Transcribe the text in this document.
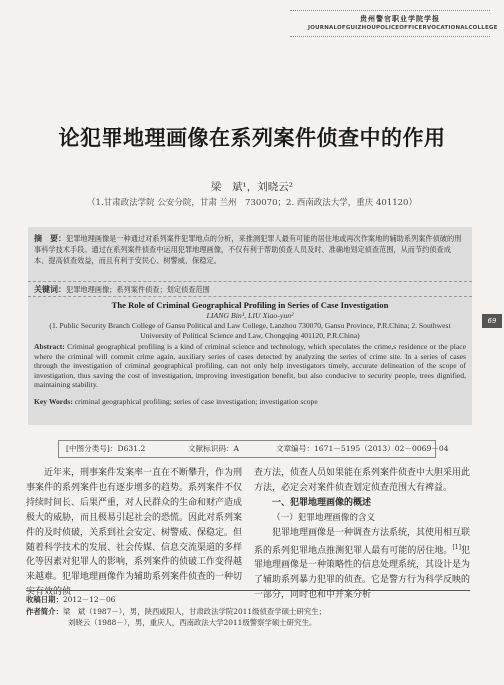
贵州警官职业学院学报
JOURNALOFGUIZHOUPOLICEOFFICERVOCATIONALCOLLEGE
论犯罪地理画像在系列案件侦查中的作用
梁　斌¹，刘晓云²
（1.甘肃政法学院 公安分院，甘肃 兰州　730070；2. 西南政法大学，重庆 401120）
摘　要：犯罪地理画像是一种通过对系列案件犯罪地点的分析，来推测犯罪人最有可能的居住地或再次作案地的辅助系列案件侦破的刑事科学技术手段。通过在系列案件侦查中运用犯罪地理画像，不仅有利于帮助侦查人员及时、准确地划定侦查范围，从而节约侦查成本、提高侦查效益，而且有利于安民心、树警威、保稳定。
关键词：犯罪地理画像；系列案件侦查；划定侦查范围
The Role of Criminal Geographical Profiling in Series of Case Investigation
LIANG Bin¹, LIU Xiao-yun²
(1. Public Security Branch College of Gansu Political and Law College, Lanzhou 730070, Gansu Province, P.R.China; 2. Southwest University of Political Science and Law, Chongqing 401120, P.R.China)
Abstract: Criminal geographical profiling is a kind of criminal science and technology, which speculates the crime,s residence or the place where the criminal will commit crime again, auxiliary series of cases detected by analyzing the series of crime site. In a series of cases through the investigation of criminal geographical profiling, can not only help investigators timely, accurate delineation of the scope of investigation, thus saving the cost of investigation, improving investigation benefit, but also conducive to security people, trees dignified, maintaining stability.
Key Words: criminal geographical profiling; series of case investigation; investigation scope
69
[中图分类号]：D631.2	文献标识码：A	文章编号：1671－5195（2013）02－0069－04
近年来，刑事案件发案率一直在不断攀升，作为刑事案件的系列案件也有逐步增多的趋势。系列案件不仅持续时间长、后果严重，对人民群众的生命和财产造成极大的威胁，而且极易引起社会的恐慌。因此对系列案件的及时侦破，关系到社会安定、树警威、保稳定。但随着科学技术的发展、社会传媒、信息交流渠道的多样化等因素对犯罪人的影响，系列案件的侦破工作变得越来越难。犯罪地理画像作为辅助系列案件侦查的一种切实有效的侦
查方法，侦查人员如果能在系列案件侦查中大胆采用此方法，必定会对案件侦查划定侦查范围大有裨益。
一、犯罪地理画像的概述
（一）犯罪地理画像的含义
犯罪地理画像是一种调查方法系统，其使用相互联系的系列犯罪地点推测犯罪人最有可能的居住地。[1]犯罪地理画像是一种策略性的信息处理系统，其设计是为了辅助系列暴力犯罪的侦查。它是警方行为科学反映的一部分，同时也和中并案分析
收稿日期：2012－12－06
作者简介：梁　斌（1987－），男，陕西咸阳人，甘肃政法学院2011级侦查学硕士研究生；
刘晓云（1988－），男，重庆人，西南政法大学2011级警察学硕士研究生。
